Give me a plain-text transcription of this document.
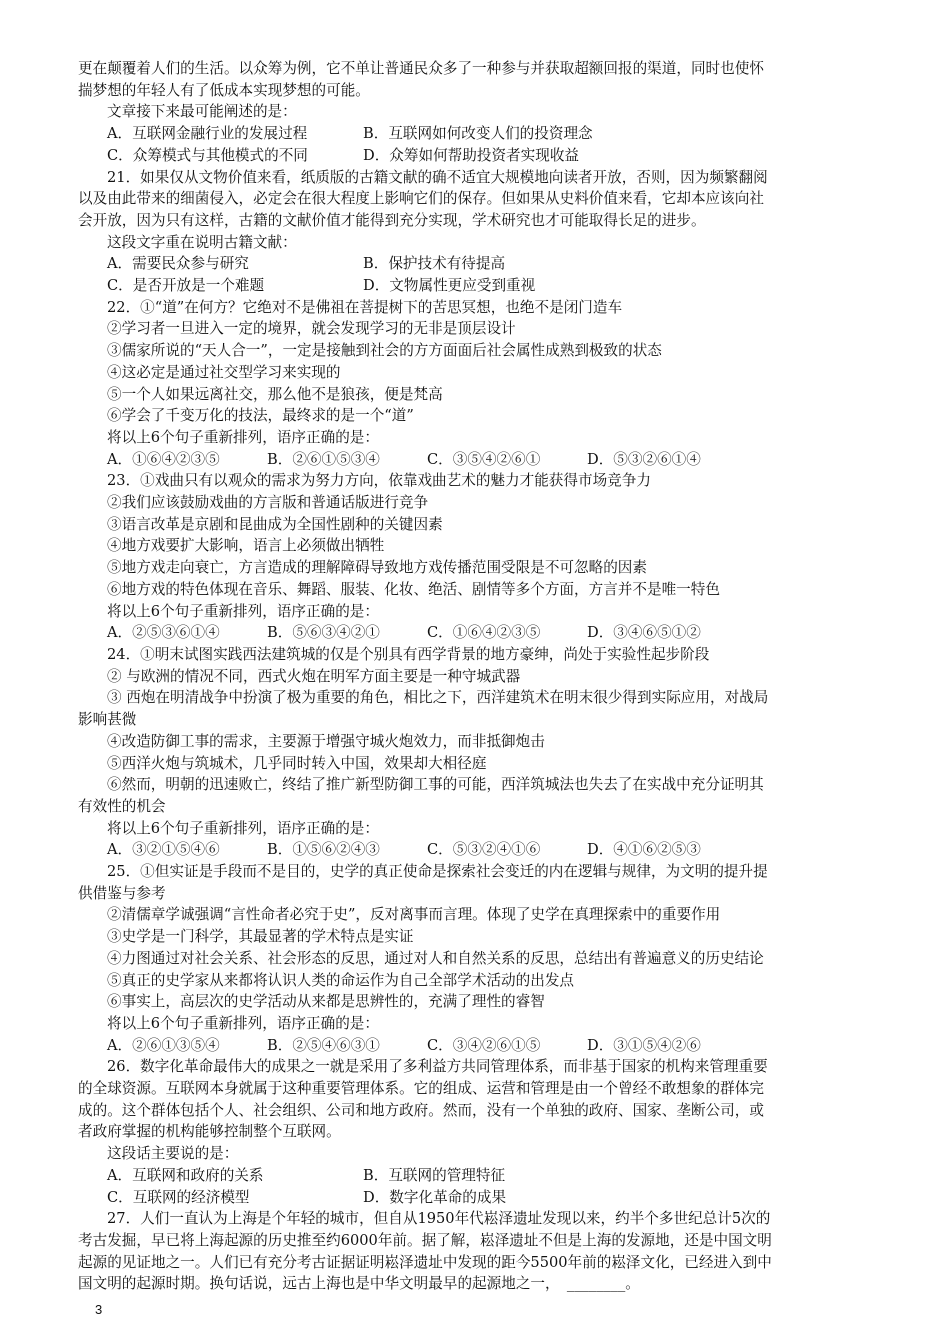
更在颠覆着人们的生活。以众筹为例，它不单让普通民众多了一种参与并获取超额回报的渠道，同时也使怀
揣梦想的年轻人有了低成本实现梦想的可能。
文章接下来最可能阐述的是：
A．互联网金融行业的发展过程	B．互联网如何改变人们的投资理念
C．众筹模式与其他模式的不同	D．众筹如何帮助投资者实现收益
21．如果仅从文物价值来看，纸质版的古籍文献的确不适宜大规模地向读者开放，否则，因为频繁翻阅
以及由此带来的细菌侵入，必定会在很大程度上影响它们的保存。但如果从史料价值来看，它却本应该向社
会开放，因为只有这样，古籍的文献价值才能得到充分实现，学术研究也才可能取得长足的进步。
这段文字重在说明古籍文献：
A．需要民众参与研究	B．保护技术有待提高
C．是否开放是一个难题	D．文物属性更应受到重视
22．①“道”在何方？它绝对不是佛祖在菩提树下的苦思冥想，也绝不是闭门造车
②学习者一旦进入一定的境界，就会发现学习的无非是顶层设计
③儒家所说的“天人合一”，一定是接触到社会的方方面面后社会属性成熟到极致的状态
④这必定是通过社交型学习来实现的
⑤一个人如果远离社交，那么他不是狼孩，便是梵高
⑥学会了千变万化的技法，最终求的是一个“道”
将以上6个句子重新排列，语序正确的是：
A．①⑥④②③⑤	B．②⑥①⑤③④	C．③⑤④②⑥①	D．⑤③②⑥①④
23．①戏曲只有以观众的需求为努力方向，依靠戏曲艺术的魅力才能获得市场竞争力
②我们应该鼓励戏曲的方言版和普通话版进行竞争
③语言改革是京剧和昆曲成为全国性剧种的关键因素
④地方戏要扩大影响，语言上必须做出牺牲
⑤地方戏走向衰亡，方言造成的理解障碍导致地方戏传播范围受限是不可忽略的因素
⑥地方戏的特色体现在音乐、舞蹈、服装、化妆、绝活、剧情等多个方面，方言并不是唯一特色
将以上6个句子重新排列，语序正确的是：
A．②⑤③⑥①④	B．⑤⑥③④②①	C．①⑥④②③⑤	D．③④⑥⑤①②
24．①明末试图实践西法建筑城的仅是个别具有西学背景的地方豪绅，尚处于实验性起步阶段
② 与欧洲的情况不同，西式火炮在明军方面主要是一种守城武器
③ 西炮在明清战争中扮演了极为重要的角色，相比之下，西洋建筑术在明末很少得到实际应用，对战局
影响甚微
④改造防御工事的需求，主要源于增强守城火炮效力，而非抵御炮击
⑤西洋火炮与筑城术，几乎同时转入中国，效果却大相径庭
⑥然而，明朝的迅速败亡，终结了推广新型防御工事的可能，西洋筑城法也失去了在实战中充分证明其
有效性的机会
将以上6个句子重新排列，语序正确的是：
A．③②①⑤④⑥	B．①⑤⑥②④③	C．⑤③②④①⑥	D．④①⑥②⑤③
25．①但实证是手段而不是目的，史学的真正使命是探索社会变迁的内在逻辑与规律，为文明的提升提
供借鉴与参考
②清儒章学诚强调“言性命者必究于史”，反对离事而言理。体现了史学在真理探索中的重要作用
③史学是一门科学，其最显著的学术特点是实证
④力图通过对社会关系、社会形态的反思，通过对人和自然关系的反思，总结出有普遍意义的历史结论
⑤真正的史学家从来都将认识人类的命运作为自己全部学术活动的出发点
⑥事实上，高层次的史学活动从来都是思辨性的，充满了理性的睿智
将以上6个句子重新排列，语序正确的是：
A．②⑥①③⑤④	B．②⑤④⑥③①	C．③④②⑥①⑤	D．③①⑤④②⑥
26．数字化革命最伟大的成果之一就是采用了多利益方共同管理体系，而非基于国家的机构来管理重要
的全球资源。互联网本身就属于这种重要管理体系。它的组成、运营和管理是由一个曾经不敢想象的群体完
成的。这个群体包括个人、社会组织、公司和地方政府。然而，没有一个单独的政府、国家、垄断公司，或
者政府掌握的机构能够控制整个互联网。
这段话主要说的是：
A．互联网和政府的关系	B．互联网的管理特征
C．互联网的经济模型	D．数字化革命的成果
27．人们一直认为上海是个年轻的城市，但自从1950年代崧泽遗址发现以来，约半个多世纪总计5次的
考古发掘，早已将上海起源的历史推至约6000年前。据了解，崧泽遗址不但是上海的发源地，还是中国文明
起源的见证地之一。人们已有充分考古证据证明崧泽遗址中发现的距今5500年前的崧泽文化，已经进入到中
国文明的起源时期。换句话说，远古上海也是中华文明最早的起源地之一，　________。
3
